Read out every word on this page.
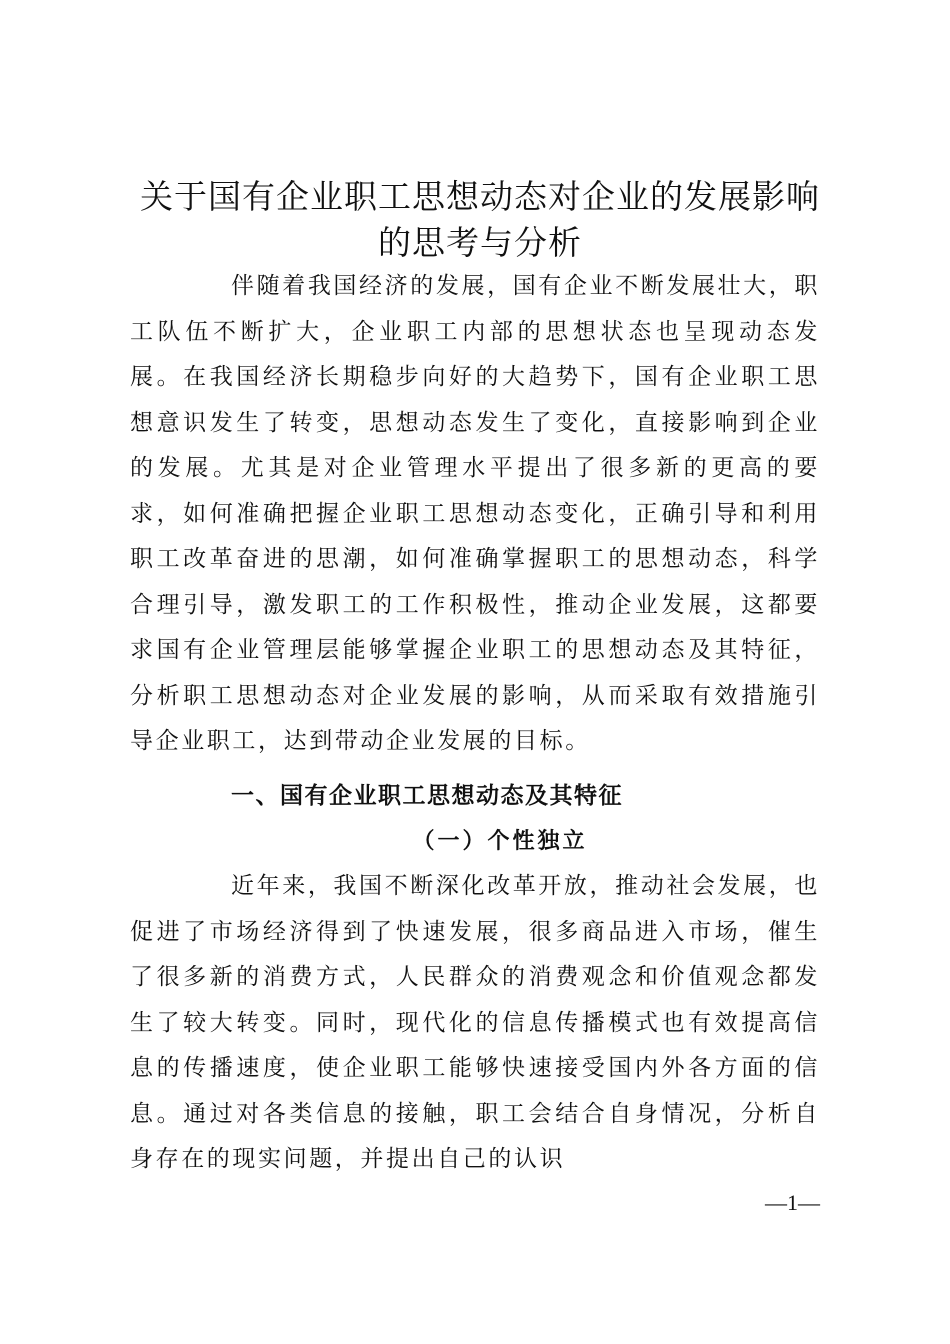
关于国有企业职工思想动态对企业的发展影响
的思考与分析

伴随着我国经济的发展，国有企业不断发展壮大，职工队伍不断扩大，企业职工内部的思想状态也呈现动态发展。在我国经济长期稳步向好的大趋势下，国有企业职工思想意识发生了转变，思想动态发生了变化，直接影响到企业的发展。尤其是对企业管理水平提出了很多新的更高的要求，如何准确把握企业职工思想动态变化，正确引导和利用职工改革奋进的思潮，如何准确掌握职工的思想动态，科学合理引导，激发职工的工作积极性，推动企业发展，这都要求国有企业管理层能够掌握企业职工的思想动态及其特征，分析职工思想动态对企业发展的影响，从而采取有效措施引导企业职工，达到带动企业发展的目标。

一、国有企业职工思想动态及其特征
（一）个性独立

近年来，我国不断深化改革开放，推动社会发展，也促进了市场经济得到了快速发展，很多商品进入市场，催生了很多新的消费方式，人民群众的消费观念和价值观念都发生了较大转变。同时，现代化的信息传播模式也有效提高信息的传播速度，使企业职工能够快速接受国内外各方面的信息。通过对各类信息的接触，职工会结合自身情况，分析自身存在的现实问题，并提出自己的认识

—1—
